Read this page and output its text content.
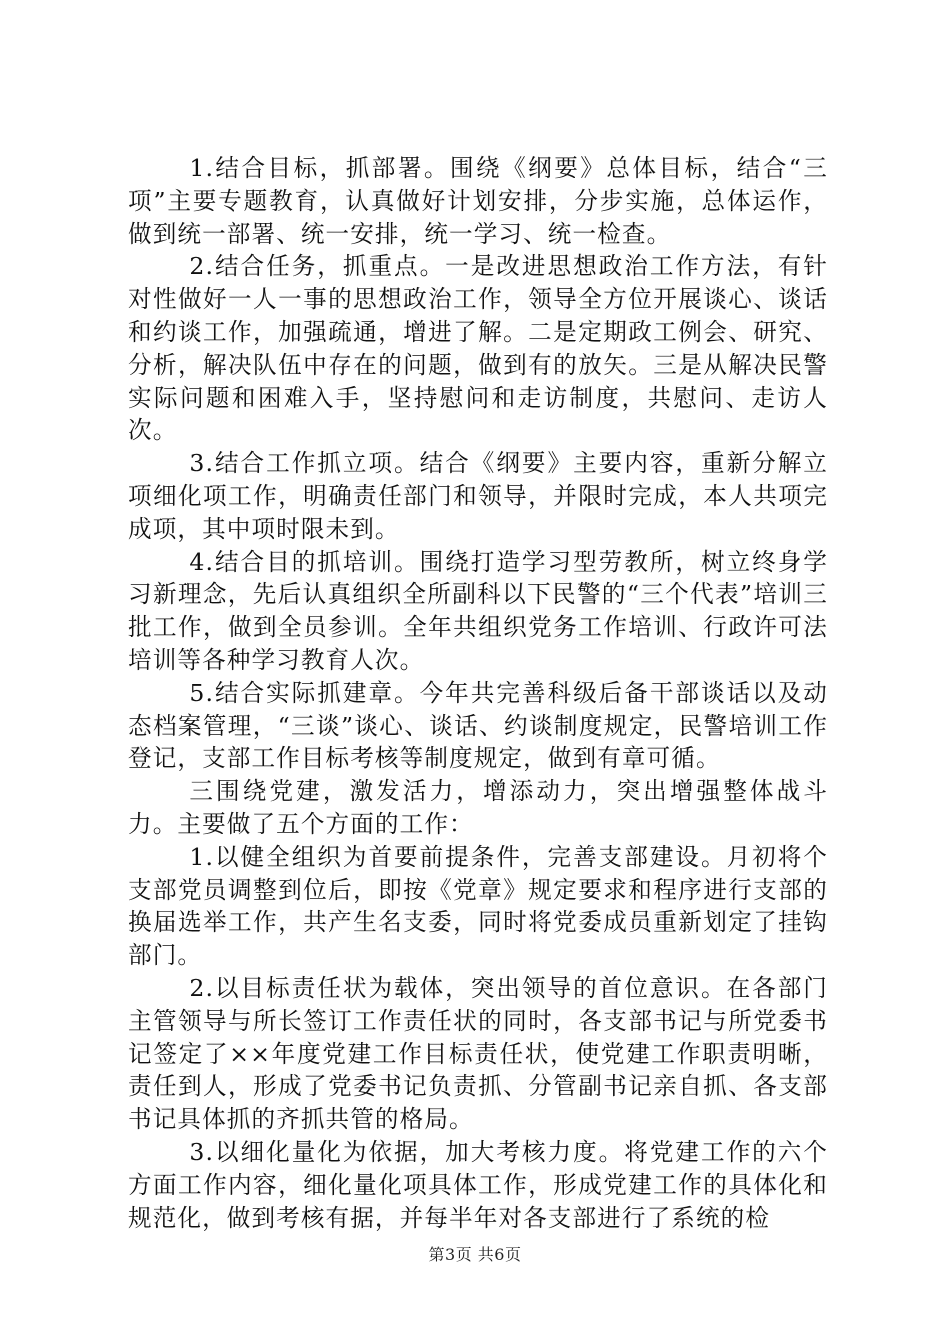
1.结合目标，抓部署。围绕《纲要》总体目标，结合“三项”主要专题教育，认真做好计划安排，分步实施，总体运作，做到统一部署、统一安排，统一学习、统一检查。

2.结合任务，抓重点。一是改进思想政治工作方法，有针对性做好一人一事的思想政治工作，领导全方位开展谈心、谈话和约谈工作，加强疏通，增进了解。二是定期政工例会、研究、分析，解决队伍中存在的问题，做到有的放矢。三是从解决民警实际问题和困难入手，坚持慰问和走访制度，共慰问、走访人次。

3.结合工作抓立项。结合《纲要》主要内容，重新分解立项细化项工作，明确责任部门和领导，并限时完成，本人共项完成项，其中项时限未到。

4.结合目的抓培训。围绕打造学习型劳教所，树立终身学习新理念，先后认真组织全所副科以下民警的“三个代表”培训三批工作，做到全员参训。全年共组织党务工作培训、行政许可法培训等各种学习教育人次。

5.结合实际抓建章。今年共完善科级后备干部谈话以及动态档案管理，“三谈”谈心、谈话、约谈制度规定，民警培训工作登记，支部工作目标考核等制度规定，做到有章可循。

三围绕党建，激发活力，增添动力，突出增强整体战斗力。主要做了五个方面的工作：

1.以健全组织为首要前提条件，完善支部建设。月初将个支部党员调整到位后，即按《党章》规定要求和程序进行支部的换届选举工作，共产生名支委，同时将党委成员重新划定了挂钩部门。

2.以目标责任状为载体，突出领导的首位意识。在各部门主管领导与所长签订工作责任状的同时，各支部书记与所党委书记签定了××年度党建工作目标责任状，使党建工作职责明晰，责任到人，形成了党委书记负责抓、分管副书记亲自抓、各支部书记具体抓的齐抓共管的格局。

3.以细化量化为依据，加大考核力度。将党建工作的六个方面工作内容，细化量化项具体工作，形成党建工作的具体化和规范化，做到考核有据，并每半年对各支部进行了系统的检

第3页 共6页
